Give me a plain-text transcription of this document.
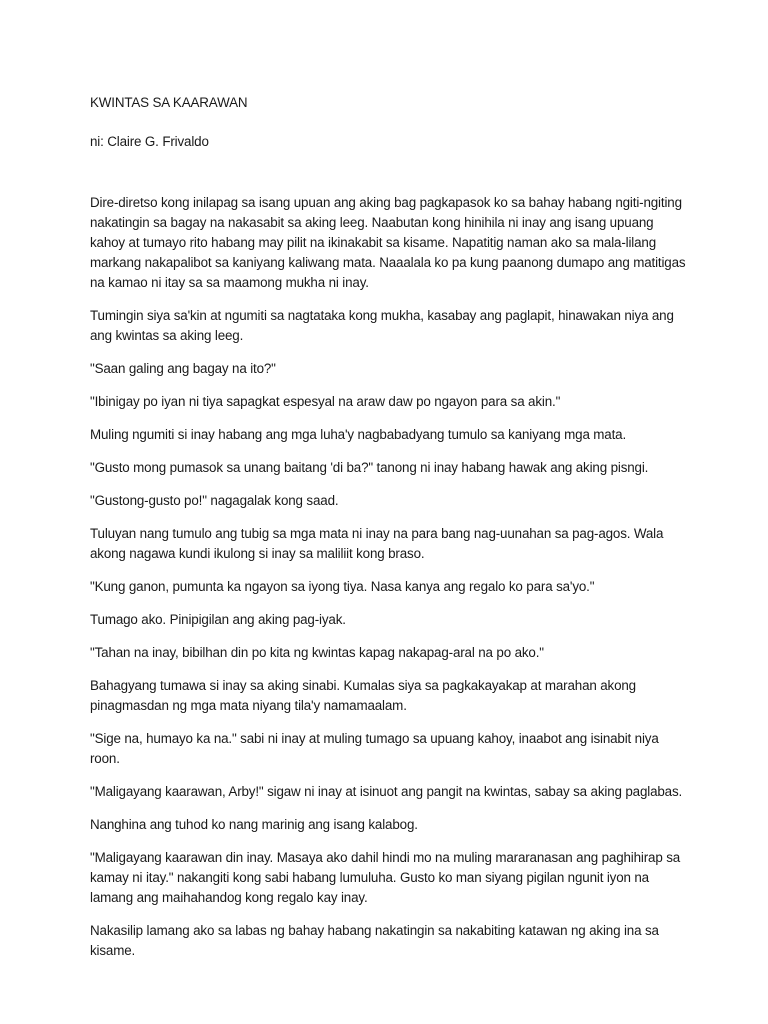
KWINTAS SA KAARAWAN
ni: Claire G. Frivaldo

Dire-diretso kong inilapag sa isang upuan ang aking bag pagkapasok ko sa bahay habang ngiti-ngiting nakatingin sa bagay na nakasabit sa aking leeg. Naabutan kong hinihila ni inay ang isang upuang kahoy at tumayo rito habang may pilit na ikinakabit sa kisame. Napatitig naman ako sa mala-lilang markang nakapalibot sa kaniyang kaliwang mata. Naaalala ko pa kung paanong dumapo ang matitigas na kamao ni itay sa sa maamong mukha ni inay.

Tumingin siya sa'kin at ngumiti sa nagtataka kong mukha, kasabay ang paglapit, hinawakan niya ang ang kwintas sa aking leeg.

"Saan galing ang bagay na ito?"

"Ibinigay po iyan ni tiya sapagkat espesyal na araw daw po ngayon para sa akin."

Muling ngumiti si inay habang ang mga luha'y nagbabadyang tumulo sa kaniyang mga mata.

"Gusto mong pumasok sa unang baitang 'di ba?" tanong ni inay habang hawak ang aking pisngi.

"Gustong-gusto po!" nagagalak kong saad.

Tuluyan nang tumulo ang tubig sa mga mata ni inay na para bang nag-uunahan sa pag-agos. Wala akong nagawa kundi ikulong si inay sa maliliit kong braso.

"Kung ganon, pumunta ka ngayon sa iyong tiya. Nasa kanya ang regalo ko para sa'yo."

Tumago ako. Pinipigilan ang aking pag-iyak.

"Tahan na inay, bibilhan din po kita ng kwintas kapag nakapag-aral na po ako."

Bahagyang tumawa si inay sa aking sinabi. Kumalas siya sa pagkakayakap at marahan akong pinagmasdan ng mga mata niyang tila'y namamaalam.

"Sige na, humayo ka na." sabi ni inay at muling tumago sa upuang kahoy, inaabot ang isinabit niya roon.

"Maligayang kaarawan, Arby!" sigaw ni inay at isinuot ang pangit na kwintas, sabay sa aking paglabas.

Nanghina ang tuhod ko nang marinig ang isang kalabog.

"Maligayang kaarawan din inay. Masaya ako dahil hindi mo na muling mararanasan ang paghihirap sa kamay ni itay." nakangiti kong sabi habang lumuluha. Gusto ko man siyang pigilan ngunit iyon na lamang ang maihahandog kong regalo kay inay.

Nakasilip lamang ako sa labas ng bahay habang nakatingin sa nakabiting katawan ng aking ina sa kisame.
